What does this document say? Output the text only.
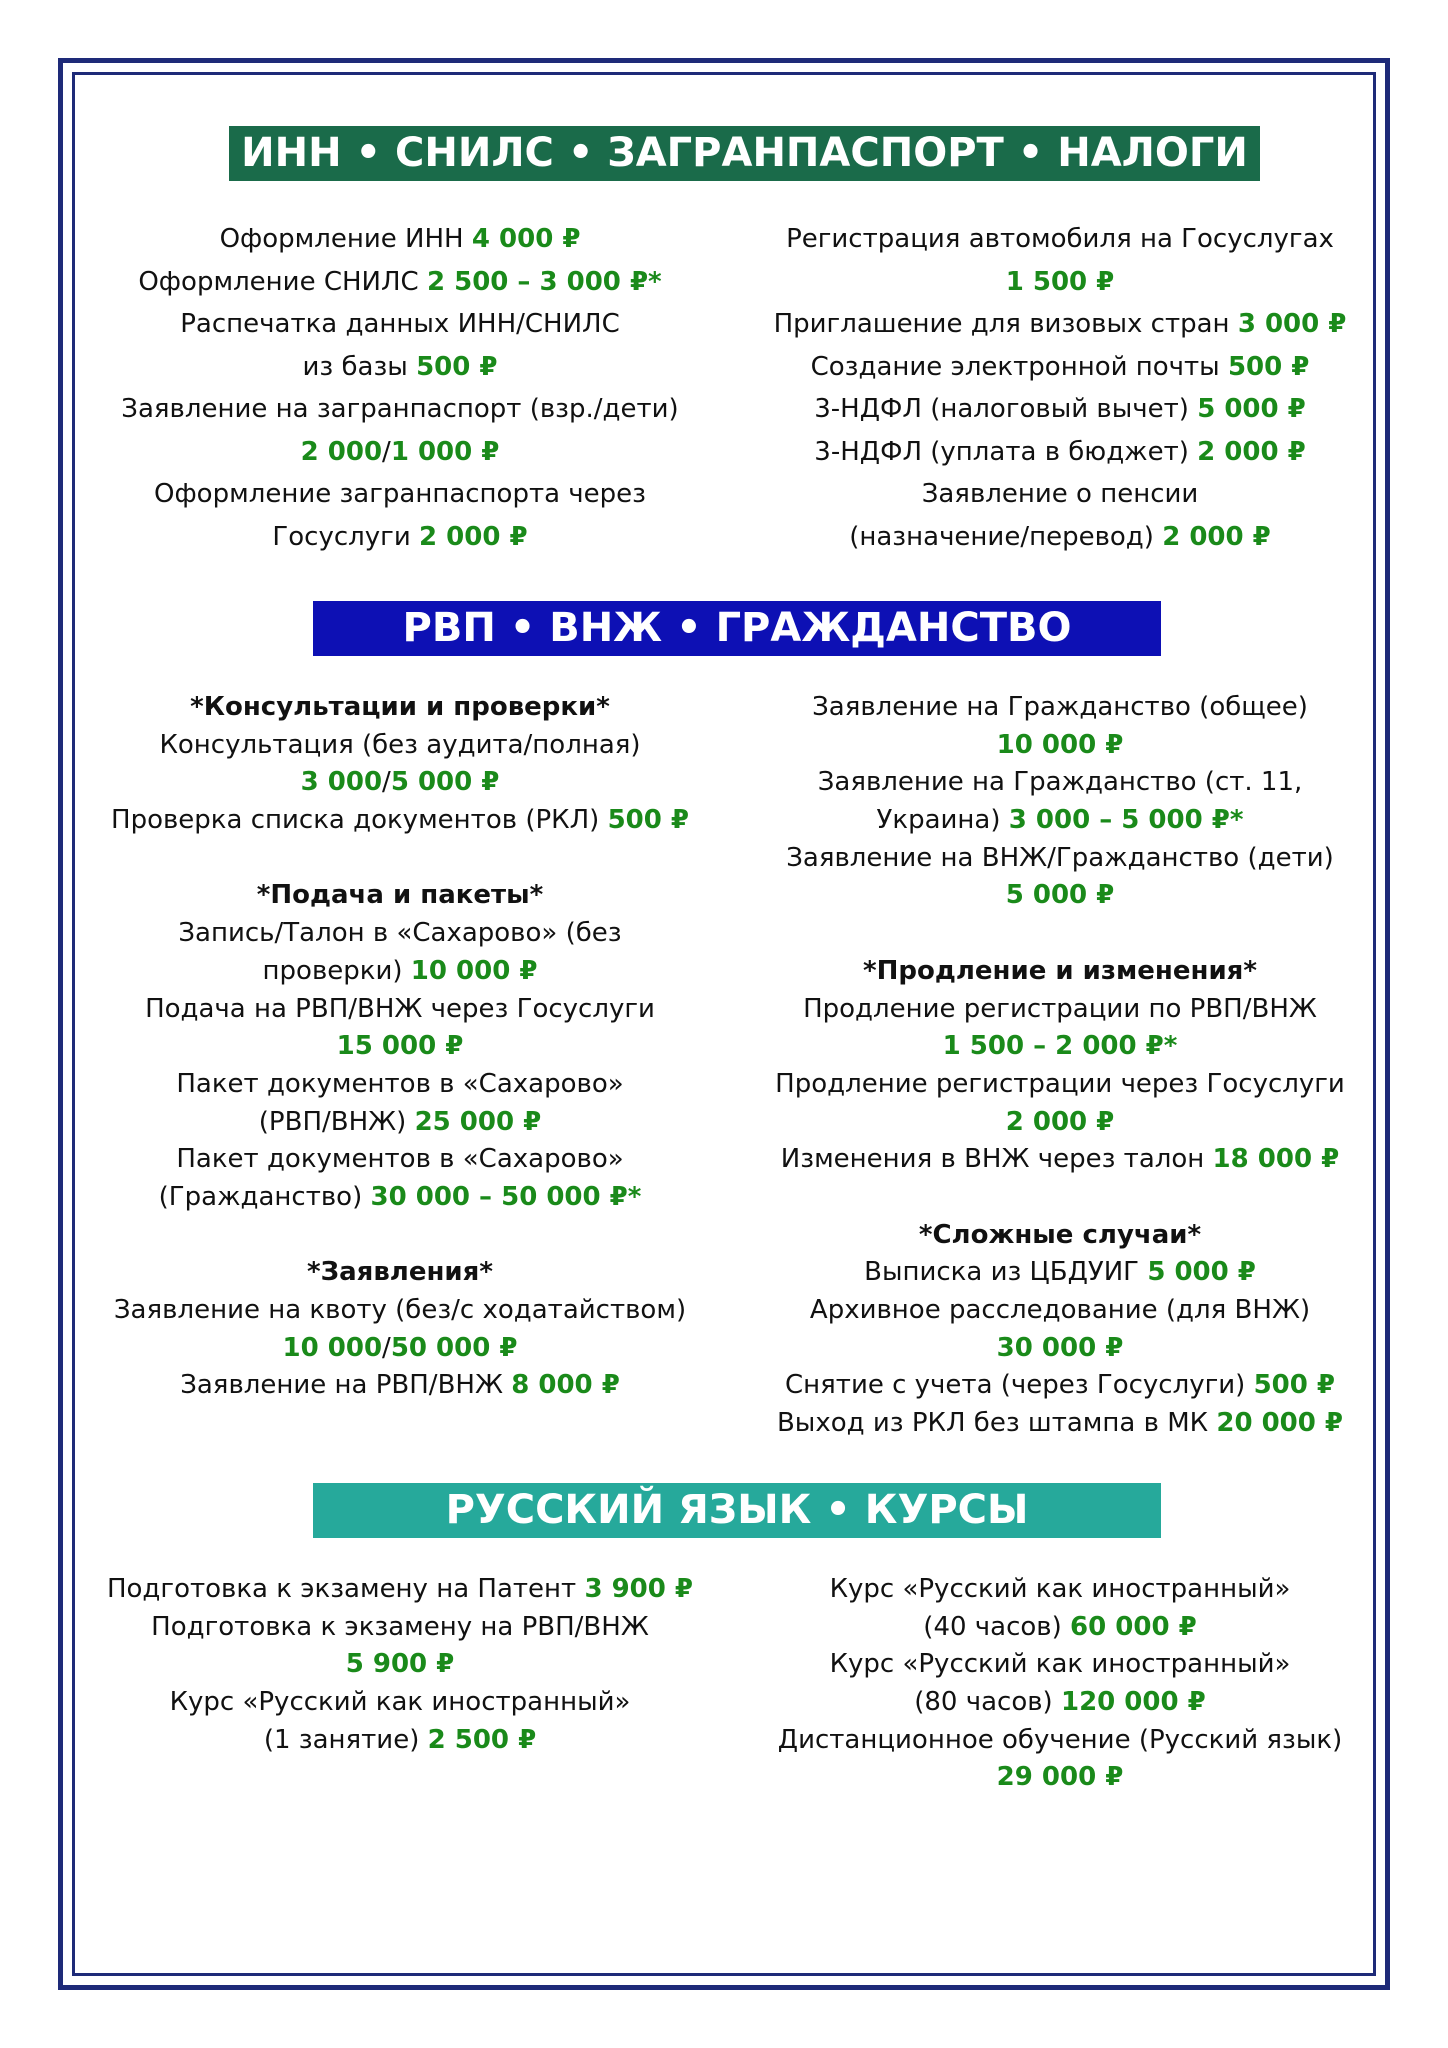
ИНН • СНИЛС • ЗАГРАНПАСПОРТ • НАЛОГИ
РВП • ВНЖ • ГРАЖДАНСТВО
РУССКИЙ ЯЗЫК • КУРСЫ
Оформление ИНН 4 000 ₽
Оформление СНИЛС 2 500 – 3 000 ₽*
Распечатка данных ИНН/СНИЛС
из базы 500 ₽
Заявление на загранпаспорт (взр./дети)
2 000/1 000 ₽
Оформление загранпаспорта через
Госуслуги 2 000 ₽
Регистрация автомобиля на Госуслугах
1 500 ₽
Приглашение для визовых стран 3 000 ₽
Создание электронной почты 500 ₽
3-НДФЛ (налоговый вычет) 5 000 ₽
3-НДФЛ (уплата в бюджет) 2 000 ₽
Заявление о пенсии
(назначение/перевод) 2 000 ₽
*Консультации и проверки*
Консультация (без аудита/полная)
3 000/5 000 ₽
Проверка списка документов (РКЛ) 500 ₽
*Подача и пакеты*
Запись/Талон в «Сахарово» (без
проверки) 10 000 ₽
Подача на РВП/ВНЖ через Госуслуги
15 000 ₽
Пакет документов в «Сахарово»
(РВП/ВНЖ) 25 000 ₽
Пакет документов в «Сахарово»
(Гражданство) 30 000 – 50 000 ₽*
*Заявления*
Заявление на квоту (без/с ходатайством)
10 000/50 000 ₽
Заявление на РВП/ВНЖ 8 000 ₽
Заявление на Гражданство (общее)
10 000 ₽
Заявление на Гражданство (ст. 11,
Украина) 3 000 – 5 000 ₽*
Заявление на ВНЖ/Гражданство (дети)
5 000 ₽
*Продление и изменения*
Продление регистрации по РВП/ВНЖ
1 500 – 2 000 ₽*
Продление регистрации через Госуслуги
2 000 ₽
Изменения в ВНЖ через талон 18 000 ₽
*Сложные случаи*
Выписка из ЦБДУИГ 5 000 ₽
Архивное расследование (для ВНЖ)
30 000 ₽
Снятие с учета (через Госуслуги) 500 ₽
Выход из РКЛ без штампа в МК 20 000 ₽
Подготовка к экзамену на Патент 3 900 ₽
Подготовка к экзамену на РВП/ВНЖ
5 900 ₽
Курс «Русский как иностранный»
(1 занятие) 2 500 ₽
Курс «Русский как иностранный»
(40 часов) 60 000 ₽
Курс «Русский как иностранный»
(80 часов) 120 000 ₽
Дистанционное обучение (Русский язык)
29 000 ₽
